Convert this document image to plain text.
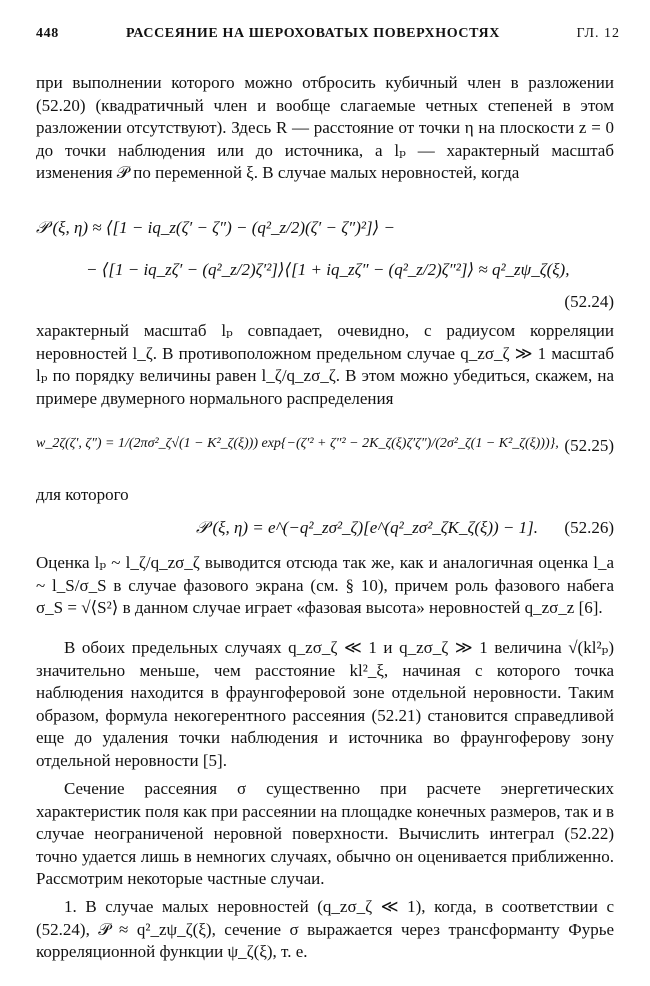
448	РАССЕЯНИЕ НА ШЕРОХОВАТЫХ ПОВЕРХНОСТЯХ	ГЛ. 12
при выполнении которого можно отбросить кубичный член в разложении (52.20) (квадратичный член и вообще слагаемые четных степеней в этом разложении отсутствуют). Здесь R — расстояние от точки η на плоскости z = 0 до точки наблюдения или до источника, а lₚ — характерный масштаб изменения 𝒫 по переменной ξ. В случае малых неровностей, когда
𝒫 (ξ, η) ≈ ⟨[1 − iq_z(ζ′ − ζ″) − (q²_z/2)(ζ′ − ζ″)²]⟩ −
− ⟨[1 − iq_zζ′ − (q²_z/2)ζ′²]⟩⟨[1 + iq_zζ″ − (q²_z/2)ζ″²]⟩ ≈ q²_zψ_ζ(ξ),
(52.24)
характерный масштаб lₚ совпадает, очевидно, с радиусом корреляции неровностей l_ζ. В противоположном предельном случае q_zσ_ζ ≫ 1 масштаб lₚ по порядку величины равен l_ζ/q_zσ_ζ. В этом можно убедиться, скажем, на примере двумерного нормального распределения
w_2ζ(ζ′, ζ″) = 1/(2πσ²_ζ√(1 − K²_ζ(ξ))) exp{−(ζ′² + ζ″² − 2K_ζ(ξ)ζ′ζ″)/(2σ²_ζ(1 − K²_ζ(ξ)))}, (52.25)
для которого
𝒫 (ξ, η) = e^(−q²_zσ²_ζ)[e^(q²_zσ²_ζK_ζ(ξ)) − 1]. (52.26)
Оценка lₚ ~ l_ζ/q_zσ_ζ выводится отсюда так же, как и аналогичная оценка l_a ~ l_S/σ_S в случае фазового экрана (см. § 10), причем роль фазового набега σ_S = √⟨S²⟩ в данном случае играет «фазовая высота» неровностей q_zσ_z [6].
В обоих предельных случаях q_zσ_ζ ≪ 1 и q_zσ_ζ ≫ 1 величина √(kl²ₚ) значительно меньше, чем расстояние kl²_ξ, начиная с которого точка наблюдения находится в фраунгоферовой зоне отдельной неровности. Таким образом, формула некогерентного рассеяния (52.21) становится справедливой еще до удаления точки наблюдения и источника во фраунгоферову зону отдельной неровности [5].
Сечение рассеяния σ существенно при расчете энергетических характеристик поля как при рассеянии на площадке конечных размеров, так и в случае неограниченой неровной поверхности. Вычислить интеграл (52.22) точно удается лишь в немногих случаях, обычно он оценивается приближенно. Рассмотрим некоторые частные случаи.
1. В случае малых неровностей (q_zσ_ζ ≪ 1), когда, в соответствии с (52.24), 𝒫 ≈ q²_zψ_ζ(ξ), сечение σ выражается через трансформанту Фурье корреляционной функции ψ_ζ(ξ), т. е.
